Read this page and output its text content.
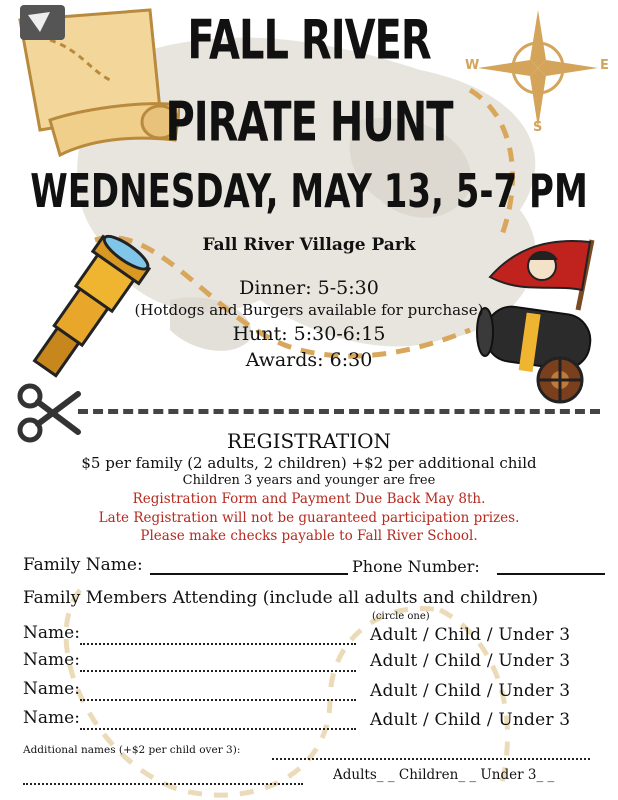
W	E
S
FALL RIVER
PIRATE HUNT
WEDNESDAY, MAY 13, 5-7 PM
Fall River Village Park
Dinner: 5-5:30
(Hotdogs and Burgers available for purchase)
Hunt: 5:30-6:15
Awards: 6:30
REGISTRATION
$5 per family (2 adults, 2 children) +$2 per additional child
Children 3 years and younger are free
Registration Form and Payment Due Back May 8th.
Late Registration will not be guaranteed participation prizes.
Please make checks payable to Fall River School.
Family Name:	Phone Number:
Family Members Attending (include all adults and children)
(circle one)
Name:	Adult / Child / Under 3
Name:	Adult / Child / Under 3
Name:	Adult / Child / Under 3
Name:	Adult / Child / Under 3
Additional names (+$2 per child over 3):
Adults_ _ Children_ _ Under 3_ _
